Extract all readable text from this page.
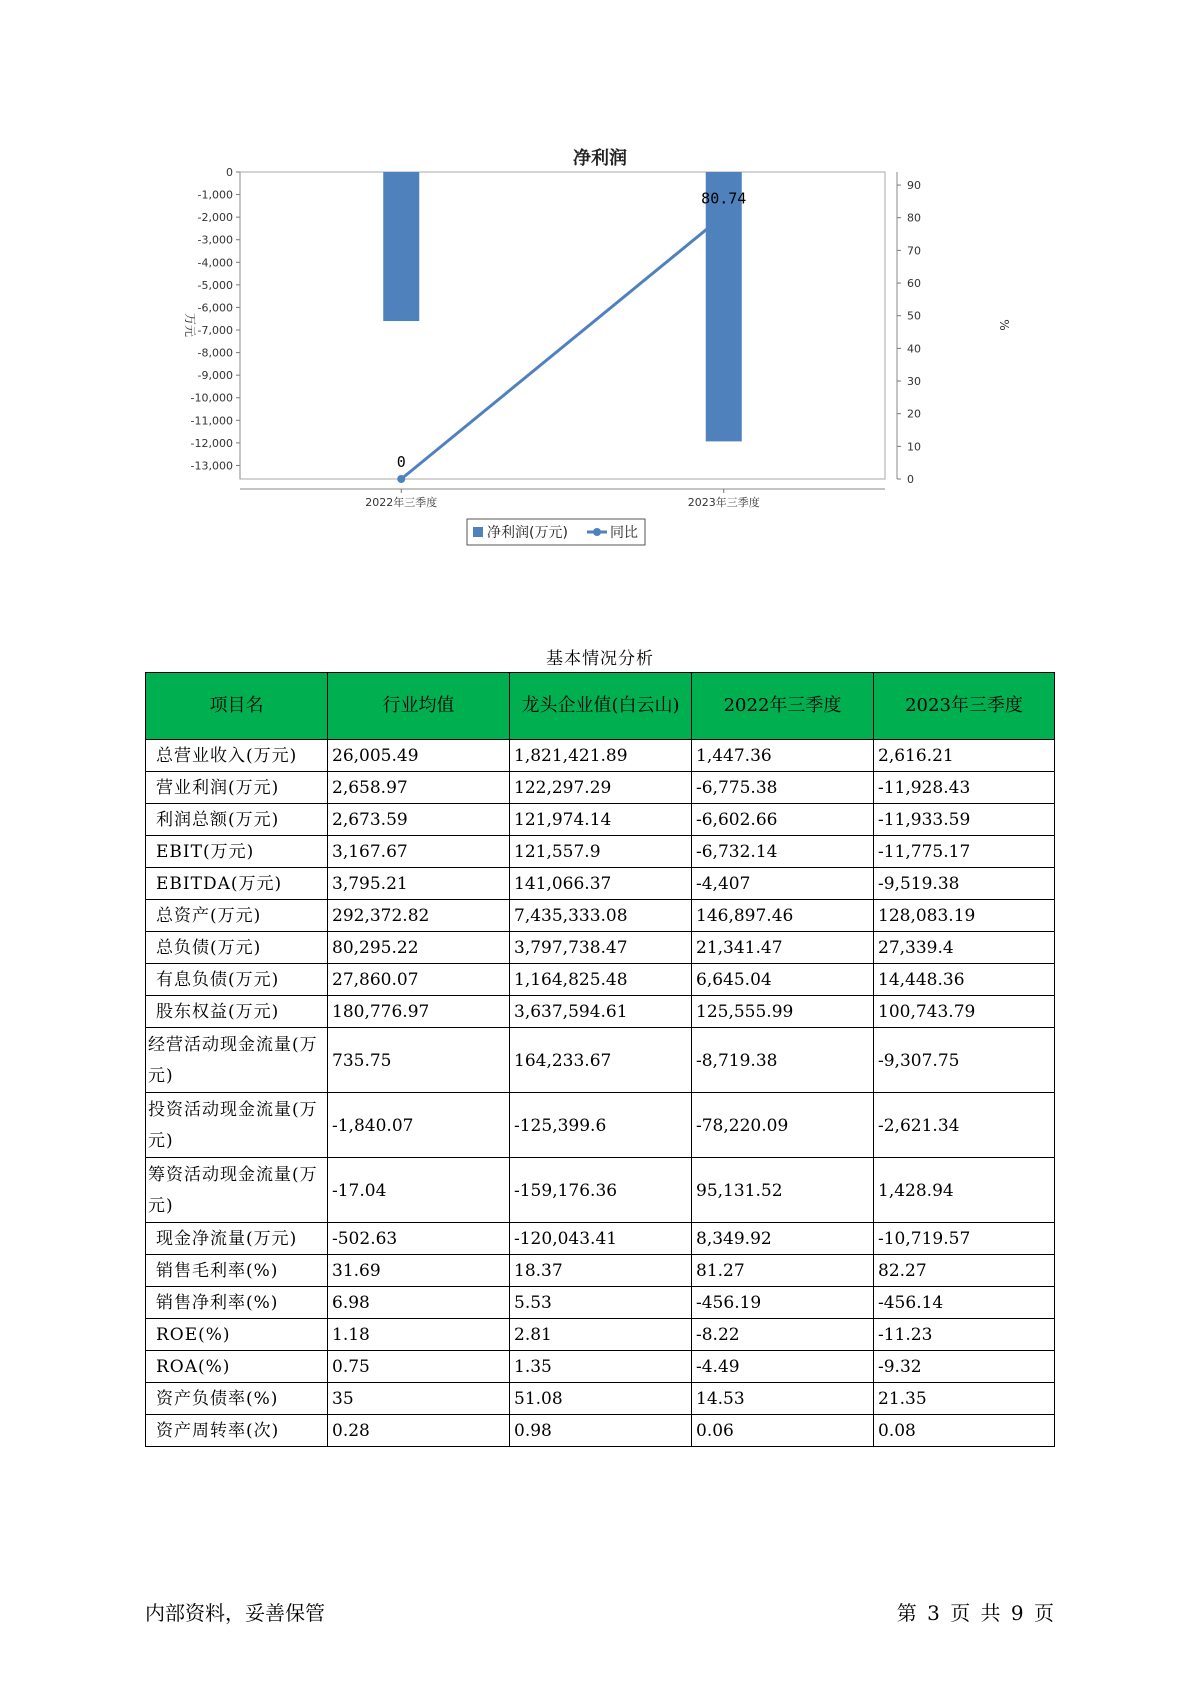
净利润
0
-1,000
-2,000
-3,000
-4,000
-5,000
-6,000
-7,000
-8,000
-9,000
-10,000
-11,000
-12,000
-13,000
0
10
20
30
40
50
60
70
80
90
0
80.74
2022年三季度	2023年三季度
万元	%
净利润(万元)	同比
基本情况分析
项目名	行业均值	龙头企业值(白云山)	2022年三季度	2023年三季度
总营业收入(万元)	26,005.49	1,821,421.89	1,447.36	2,616.21
营业利润(万元)	2,658.97	122,297.29	-6,775.38	-11,928.43
利润总额(万元)	2,673.59	121,974.14	-6,602.66	-11,933.59
EBIT(万元)	3,167.67	121,557.9	-6,732.14	-11,775.17
EBITDA(万元)	3,795.21	141,066.37	-4,407	-9,519.38
总资产(万元)	292,372.82	7,435,333.08	146,897.46	128,083.19
总负债(万元)	80,295.22	3,797,738.47	21,341.47	27,339.4
有息负债(万元)	27,860.07	1,164,825.48	6,645.04	14,448.36
股东权益(万元)	180,776.97	3,637,594.61	125,555.99	100,743.79
经营活动现金流量(万元)	735.75	164,233.67	-8,719.38	-9,307.75
投资活动现金流量(万元)	-1,840.07	-125,399.6	-78,220.09	-2,621.34
筹资活动现金流量(万元)	-17.04	-159,176.36	95,131.52	1,428.94
现金净流量(万元)	-502.63	-120,043.41	8,349.92	-10,719.57
销售毛利率(%)	31.69	18.37	81.27	82.27
销售净利率(%)	6.98	5.53	-456.19	-456.14
ROE(%)	1.18	2.81	-8.22	-11.23
ROA(%)	0.75	1.35	-4.49	-9.32
资产负债率(%)	35	51.08	14.53	21.35
资产周转率(次)	0.28	0.98	0.06	0.08
内部资料，妥善保管	第 3 页 共 9 页
